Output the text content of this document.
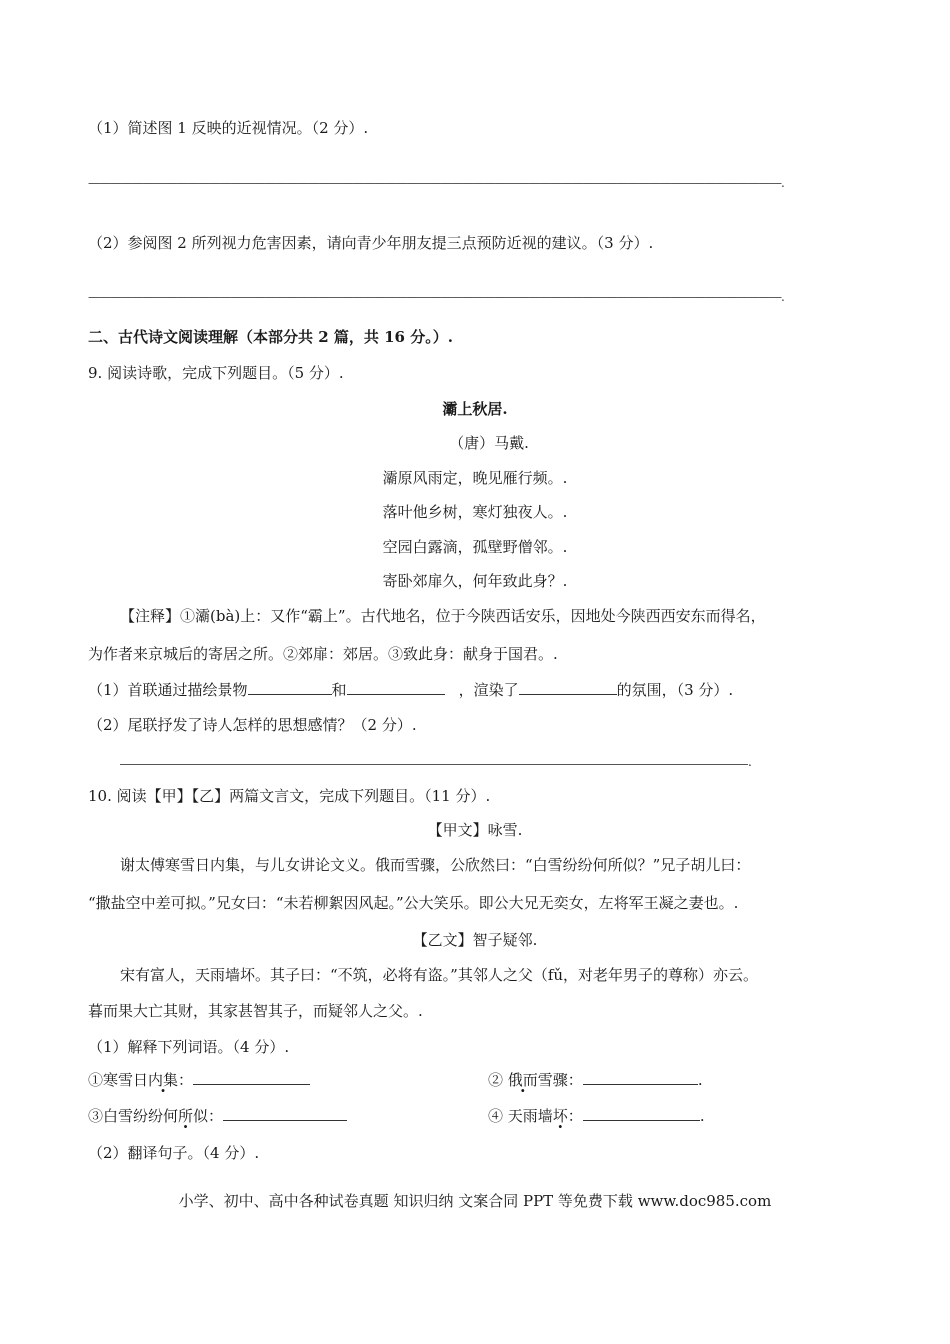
（1）简述图 1 反映的近视情况。（2 分）.
———————————————————————————————————————————————————————————————.
（2）参阅图 2 所列视力危害因素，请向青少年朋友提三点预防近视的建议。（3 分）.
———————————————————————————————————————————————————————————————.
二、古代诗文阅读理解（本部分共 2 篇，共 16 分。）.
9. 阅读诗歌，完成下列题目。（5 分）.
灞上秋居.
（唐）马戴.
灞原风雨定，晚见雁行频。.
落叶他乡树，寒灯独夜人。.
空园白露滴，孤壁野僧邻。.
寄卧郊扉久，何年致此身？.
【注释】①灞(bà)上：又作“霸上”。古代地名，位于今陕西话安乐，因地处今陕西西安东而得名，
为作者来京城后的寄居之所。②郊扉：郊居。③致此身：献身于国君。.
（1）首联通过描绘景物	和	，渲染了	的氛围，（3 分）.
（2）尾联抒发了诗人怎样的思想感情？（2 分）.
.
10. 阅读【甲】【乙】两篇文言文，完成下列题目。（11 分）.
【甲文】咏雪.
谢太傅寒雪日内集，与儿女讲论文义。俄而雪骤，公欣然曰：“白雪纷纷何所似？”兄子胡儿曰：
“撒盐空中差可拟。”兄女曰：“未若柳絮因风起。”公大笑乐。即公大兄无奕女，左将军王凝之妻也。.
【乙文】智子疑邻.
宋有富人，天雨墙坏。其子曰：“不筑，必将有盗。”其邻人之父（fǔ，对老年男子的尊称）亦云。
暮而果大亡其财，其家甚智其子，而疑邻人之父。.
（1）解释下列词语。（4 分）.
①寒雪日内集：	② 俄而雪骤：	.
③白雪纷纷何所似：	④ 天雨墙坏：	.
（2）翻译句子。（4 分）.
小学、初中、高中各种试卷真题 知识归纳 文案合同 PPT 等免费下载 www.doc985.com
